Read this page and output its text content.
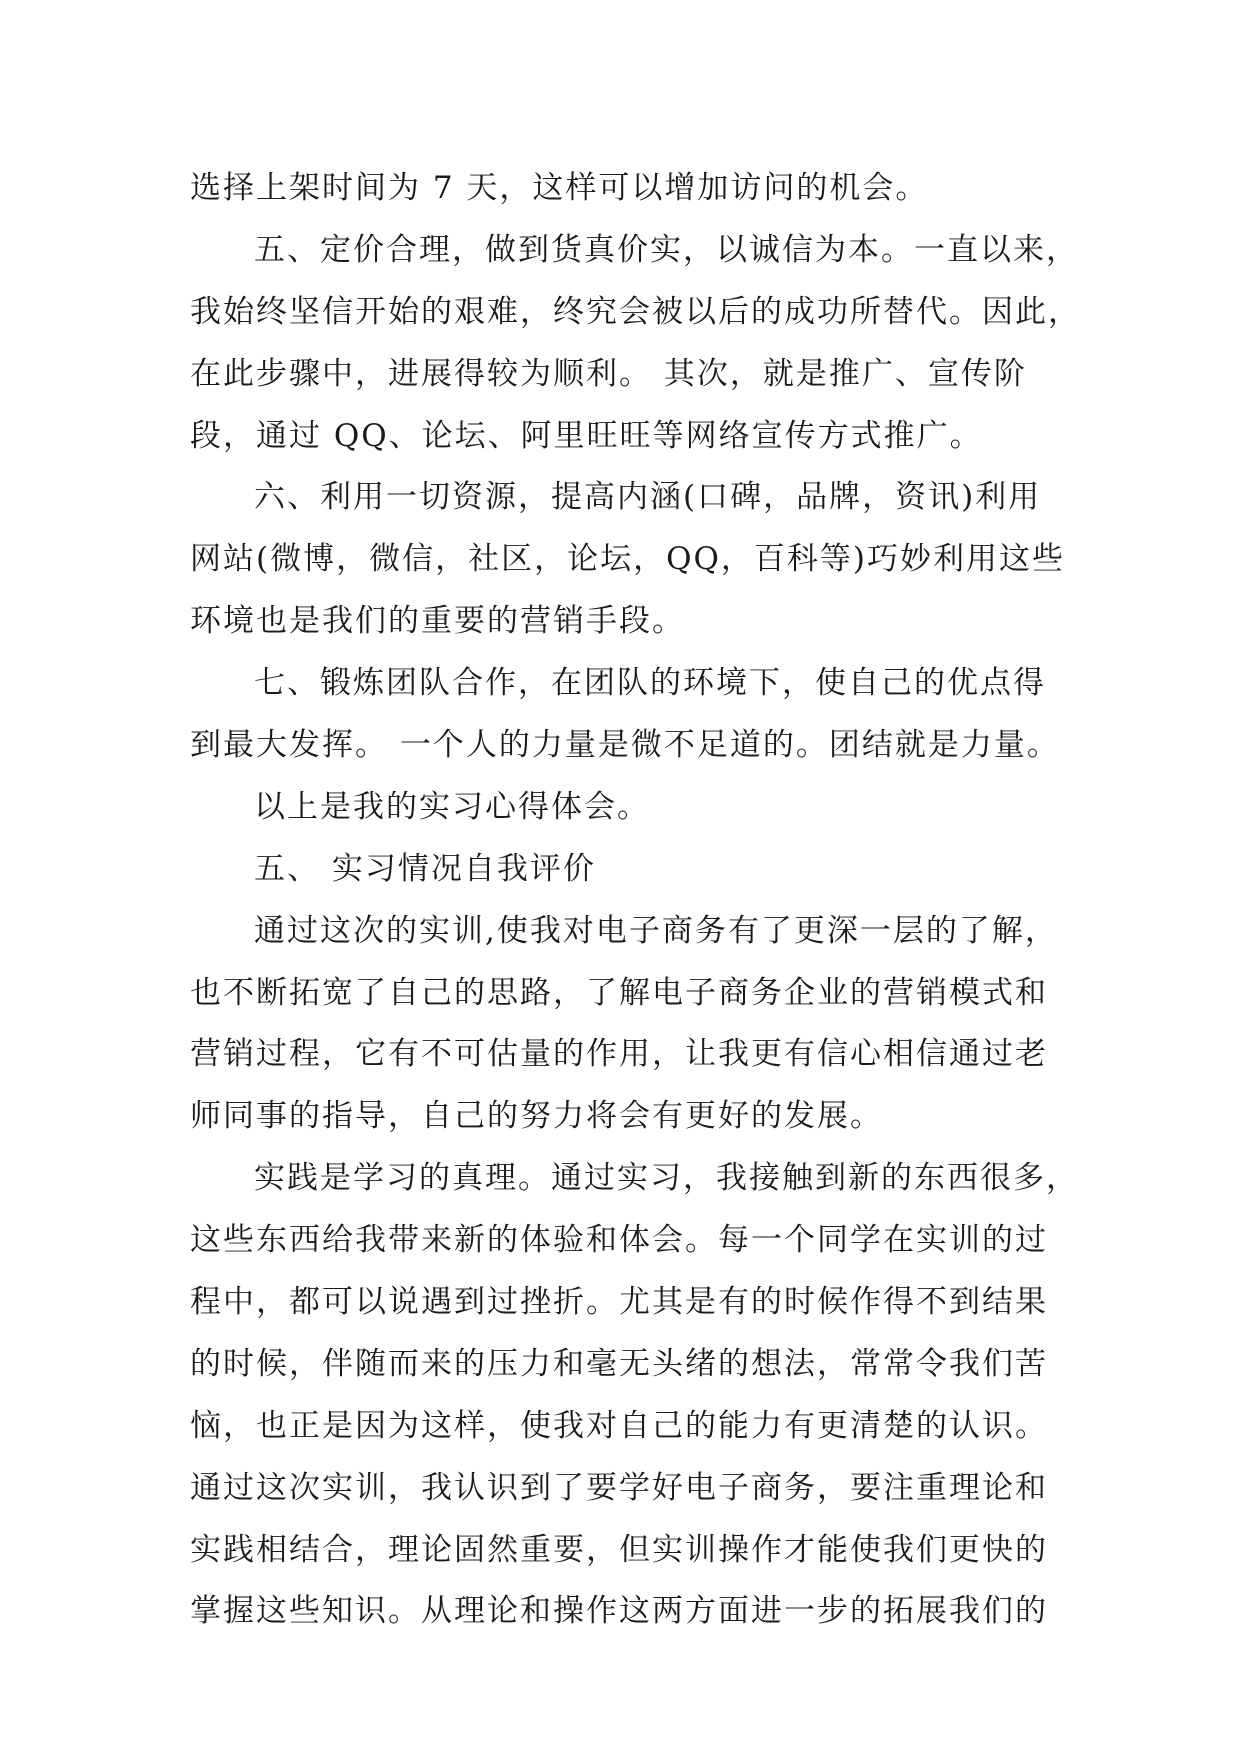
选择上架时间为 7 天，这样可以增加访问的机会。
五、定价合理，做到货真价实，以诚信为本。一直以来，
我始终坚信开始的艰难，终究会被以后的成功所替代。因此，
在此步骤中，进展得较为顺利。 其次，就是推广、宣传阶
段，通过 QQ、论坛、阿里旺旺等网络宣传方式推广。
六、利用一切资源，提高内涵(口碑，品牌，资讯)利用
网站(微博，微信，社区，论坛，QQ，百科等)巧妙利用这些
环境也是我们的重要的营销手段。
七、锻炼团队合作，在团队的环境下，使自己的优点得
到最大发挥。 一个人的力量是微不足道的。团结就是力量。
以上是我的实习心得体会。
五、 实习情况自我评价
通过这次的实训,使我对电子商务有了更深一层的了解，
也不断拓宽了自己的思路，了解电子商务企业的营销模式和
营销过程，它有不可估量的作用，让我更有信心相信通过老
师同事的指导，自己的努力将会有更好的发展。
实践是学习的真理。通过实习，我接触到新的东西很多，
这些东西给我带来新的体验和体会。每一个同学在实训的过
程中，都可以说遇到过挫折。尤其是有的时候作得不到结果
的时候，伴随而来的压力和毫无头绪的想法，常常令我们苦
恼，也正是因为这样，使我对自己的能力有更清楚的认识。
通过这次实训，我认识到了要学好电子商务，要注重理论和
实践相结合，理论固然重要，但实训操作才能使我们更快的
掌握这些知识。从理论和操作这两方面进一步的拓展我们的
